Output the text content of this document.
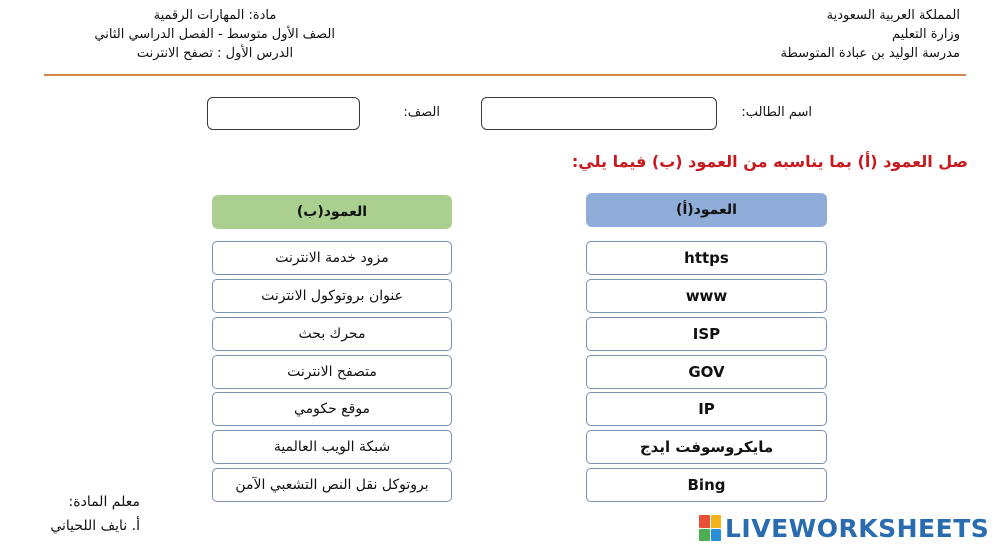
المملكة العربية السعودية
وزارة التعليم
مدرسة الوليد بن عبادة المتوسطة
مادة: المهارات الرقمية
الصف الأول متوسط - الفصل الدراسي الثاني
الدرس الأول : تصفح الانترنت
اسم الطالب:
الصف:
صل العمود (أ) بما يناسبه من العمود (ب) فيما يلي:
العمود(أ)
https
www
ISP
GOV
IP
مايكروسوفت ايدج
Bing
العمود(ب)
مزود خدمة الانترنت
عنوان بروتوكول الانترنت
محرك بحث
متصفح الانترنت
موقع حكومي
شبكة الويب العالمية
بروتوكل نقل النص التشعبي الآمن
معلم المادة:
أ. نايف اللحياني	LIVEWORKSHEETS
